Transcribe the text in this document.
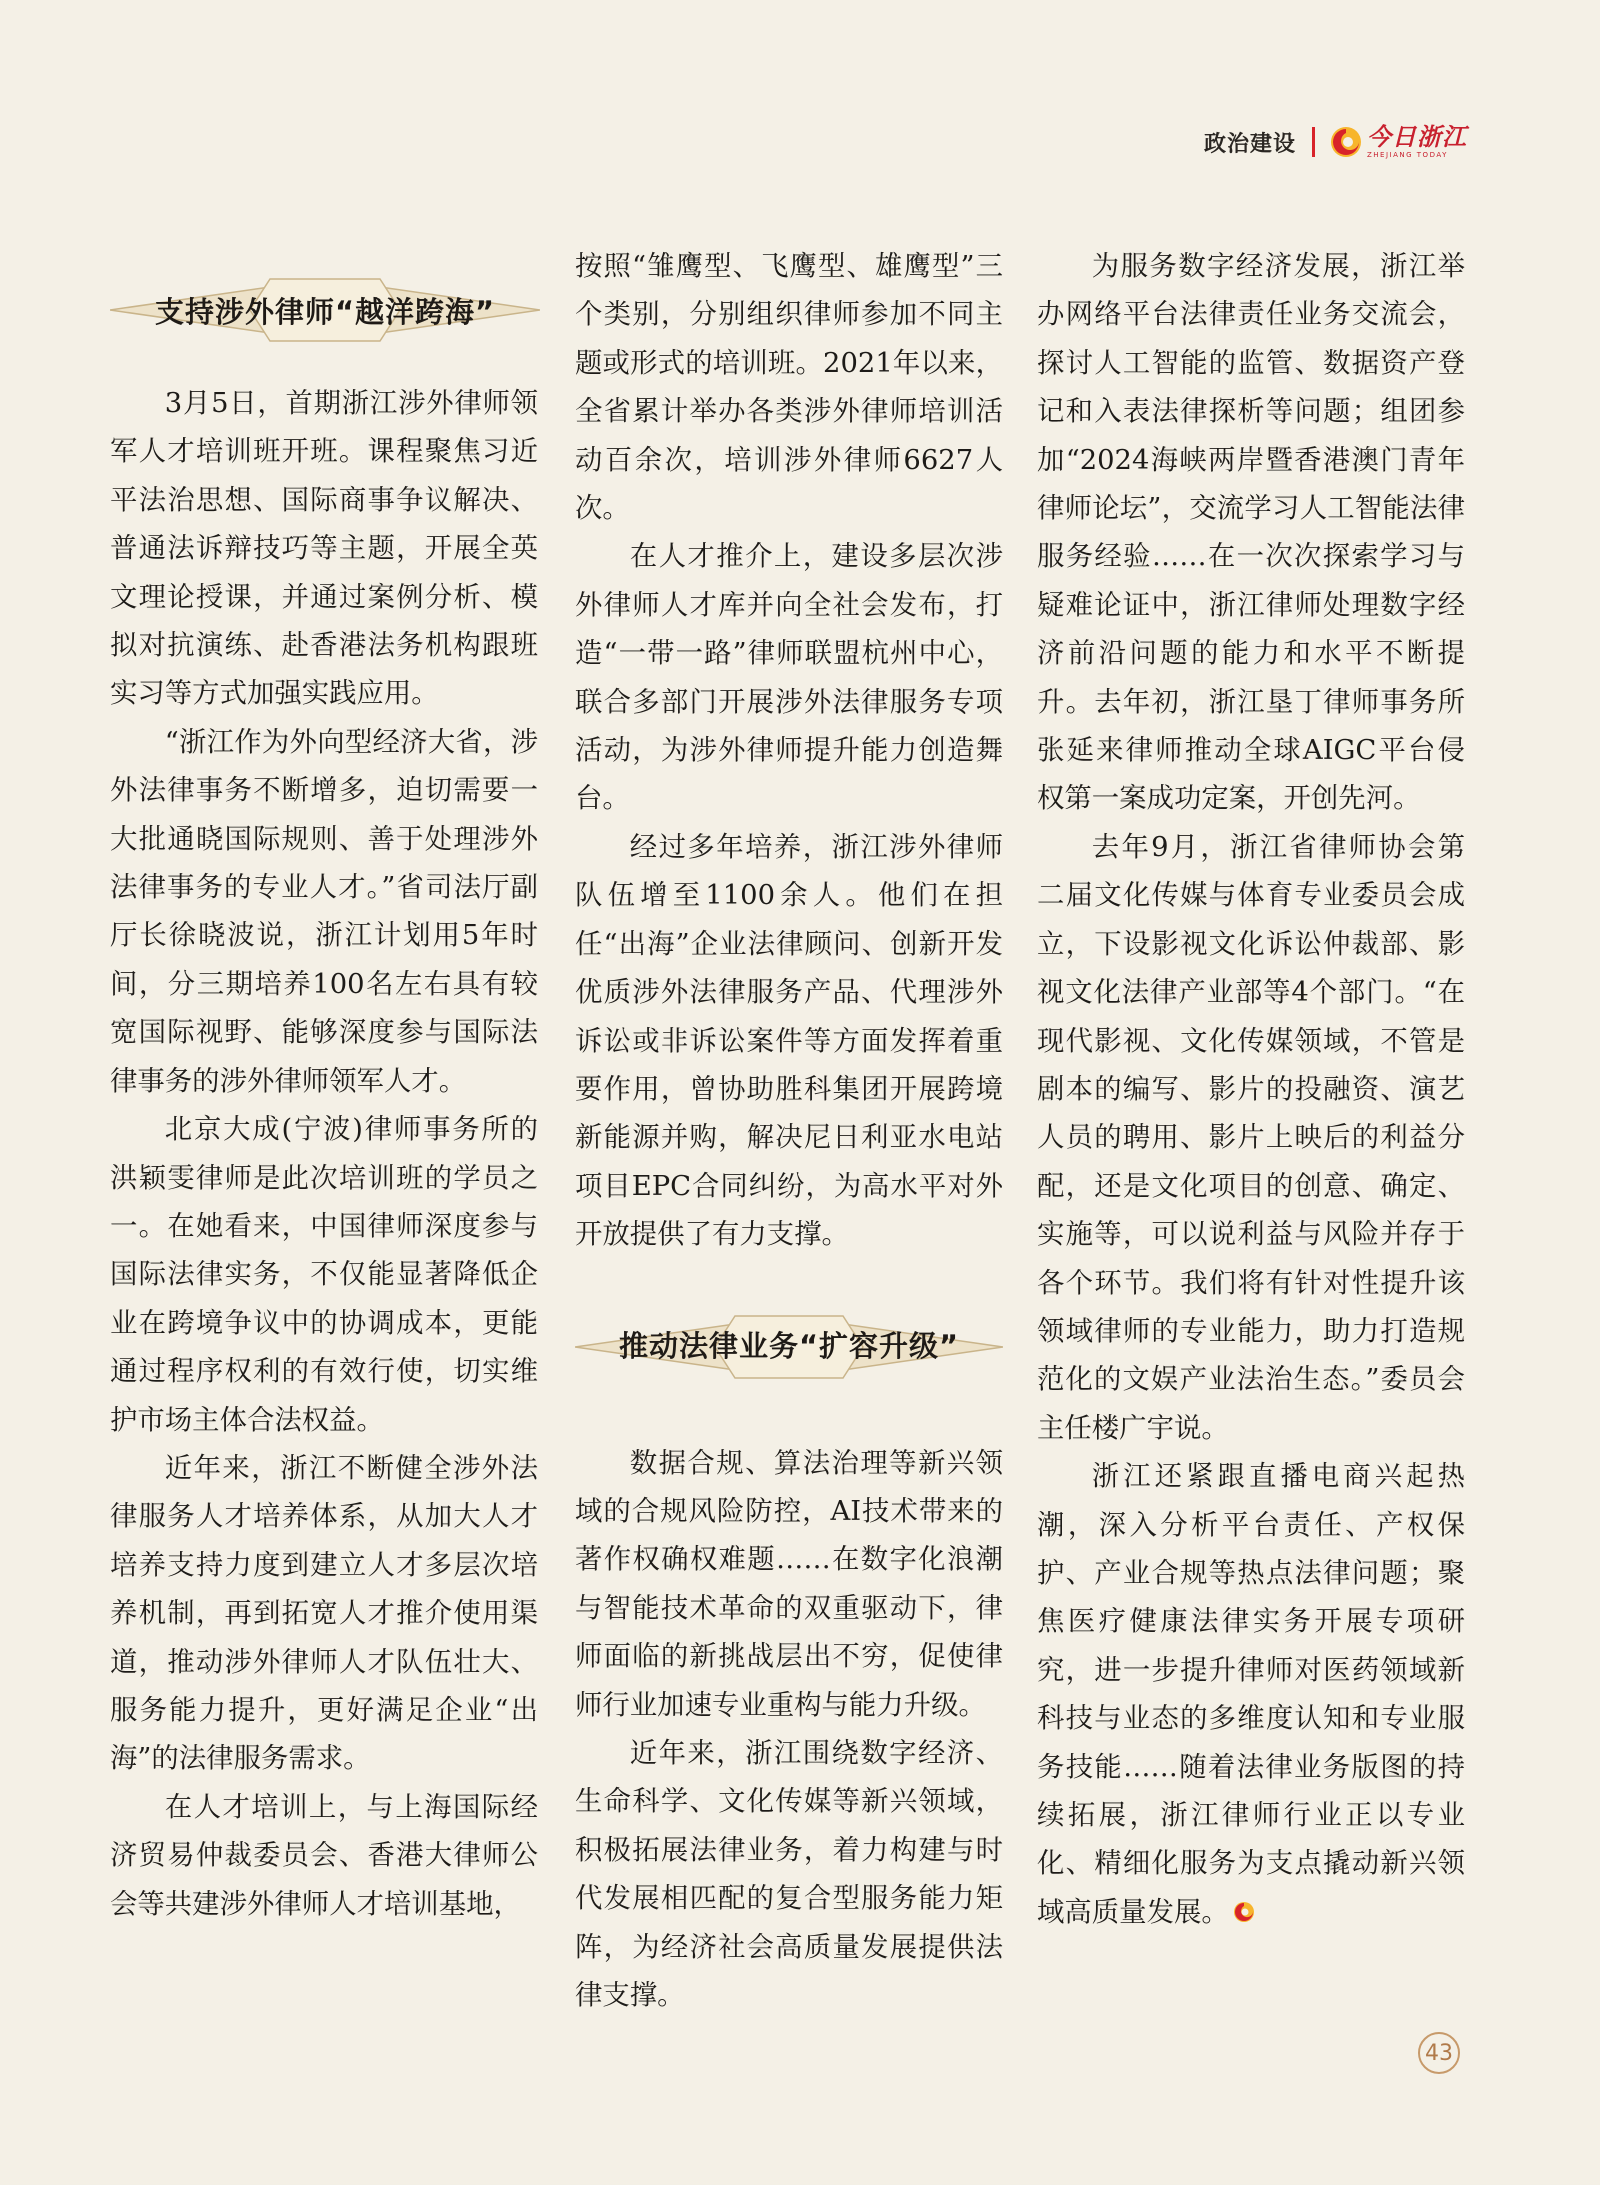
政治建设	今日浙江
ZHEJIANG TODAY
支持涉外律师“越洋跨海”

3月5日，首期浙江涉外律师领军人才培训班开班。课程聚焦习近平法治思想、国际商事争议解决、普通法诉辩技巧等主题，开展全英文理论授课，并通过案例分析、模拟对抗演练、赴香港法务机构跟班实习等方式加强实践应用。

“浙江作为外向型经济大省，涉外法律事务不断增多，迫切需要一大批通晓国际规则、善于处理涉外法律事务的专业人才。”省司法厅副厅长徐晓波说，浙江计划用5年时间，分三期培养100名左右具有较宽国际视野、能够深度参与国际法律事务的涉外律师领军人才。

北京大成(宁波)律师事务所的洪颖雯律师是此次培训班的学员之一。在她看来，中国律师深度参与国际法律实务，不仅能显著降低企业在跨境争议中的协调成本，更能通过程序权利的有效行使，切实维护市场主体合法权益。

近年来，浙江不断健全涉外法律服务人才培养体系，从加大人才培养支持力度到建立人才多层次培养机制，再到拓宽人才推介使用渠道，推动涉外律师人才队伍壮大、服务能力提升，更好满足企业“出海”的法律服务需求。

在人才培训上，与上海国际经济贸易仲裁委员会、香港大律师公会等共建涉外律师人才培训基地，

按照“雏鹰型、飞鹰型、雄鹰型”三个类别，分别组织律师参加不同主题或形式的培训班。2021年以来，全省累计举办各类涉外律师培训活动百余次，培训涉外律师6627人次。

在人才推介上，建设多层次涉外律师人才库并向全社会发布，打造“一带一路”律师联盟杭州中心，联合多部门开展涉外法律服务专项活动，为涉外律师提升能力创造舞台。

经过多年培养，浙江涉外律师队伍增至1100余人。他们在担任“出海”企业法律顾问、创新开发优质涉外法律服务产品、代理涉外诉讼或非诉讼案件等方面发挥着重要作用，曾协助胜科集团开展跨境新能源并购，解决尼日利亚水电站项目EPC合同纠纷，为高水平对外开放提供了有力支撑。

推动法律业务“扩容升级”

数据合规、算法治理等新兴领域的合规风险防控，AI技术带来的著作权确权难题……在数字化浪潮与智能技术革命的双重驱动下，律师面临的新挑战层出不穷，促使律师行业加速专业重构与能力升级。

近年来，浙江围绕数字经济、生命科学、文化传媒等新兴领域，积极拓展法律业务，着力构建与时代发展相匹配的复合型服务能力矩阵，为经济社会高质量发展提供法律支撑。

为服务数字经济发展，浙江举办网络平台法律责任业务交流会，探讨人工智能的监管、数据资产登记和入表法律探析等问题；组团参加“2024海峡两岸暨香港澳门青年律师论坛”，交流学习人工智能法律服务经验……在一次次探索学习与疑难论证中，浙江律师处理数字经济前沿问题的能力和水平不断提升。去年初，浙江垦丁律师事务所张延来律师推动全球AIGC平台侵权第一案成功定案，开创先河。

去年9月，浙江省律师协会第二届文化传媒与体育专业委员会成立，下设影视文化诉讼仲裁部、影视文化法律产业部等4个部门。“在现代影视、文化传媒领域，不管是剧本的编写、影片的投融资、演艺人员的聘用、影片上映后的利益分配，还是文化项目的创意、确定、实施等，可以说利益与风险并存于各个环节。我们将有针对性提升该领域律师的专业能力，助力打造规范化的文娱产业法治生态。”委员会主任楼广宇说。

浙江还紧跟直播电商兴起热潮，深入分析平台责任、产权保护、产业合规等热点法律问题；聚焦医疗健康法律实务开展专项研究，进一步提升律师对医药领域新科技与业态的多维度认知和专业服务技能……随着法律业务版图的持续拓展，浙江律师行业正以专业化、精细化服务为支点撬动新兴领域高质量发展。

43
